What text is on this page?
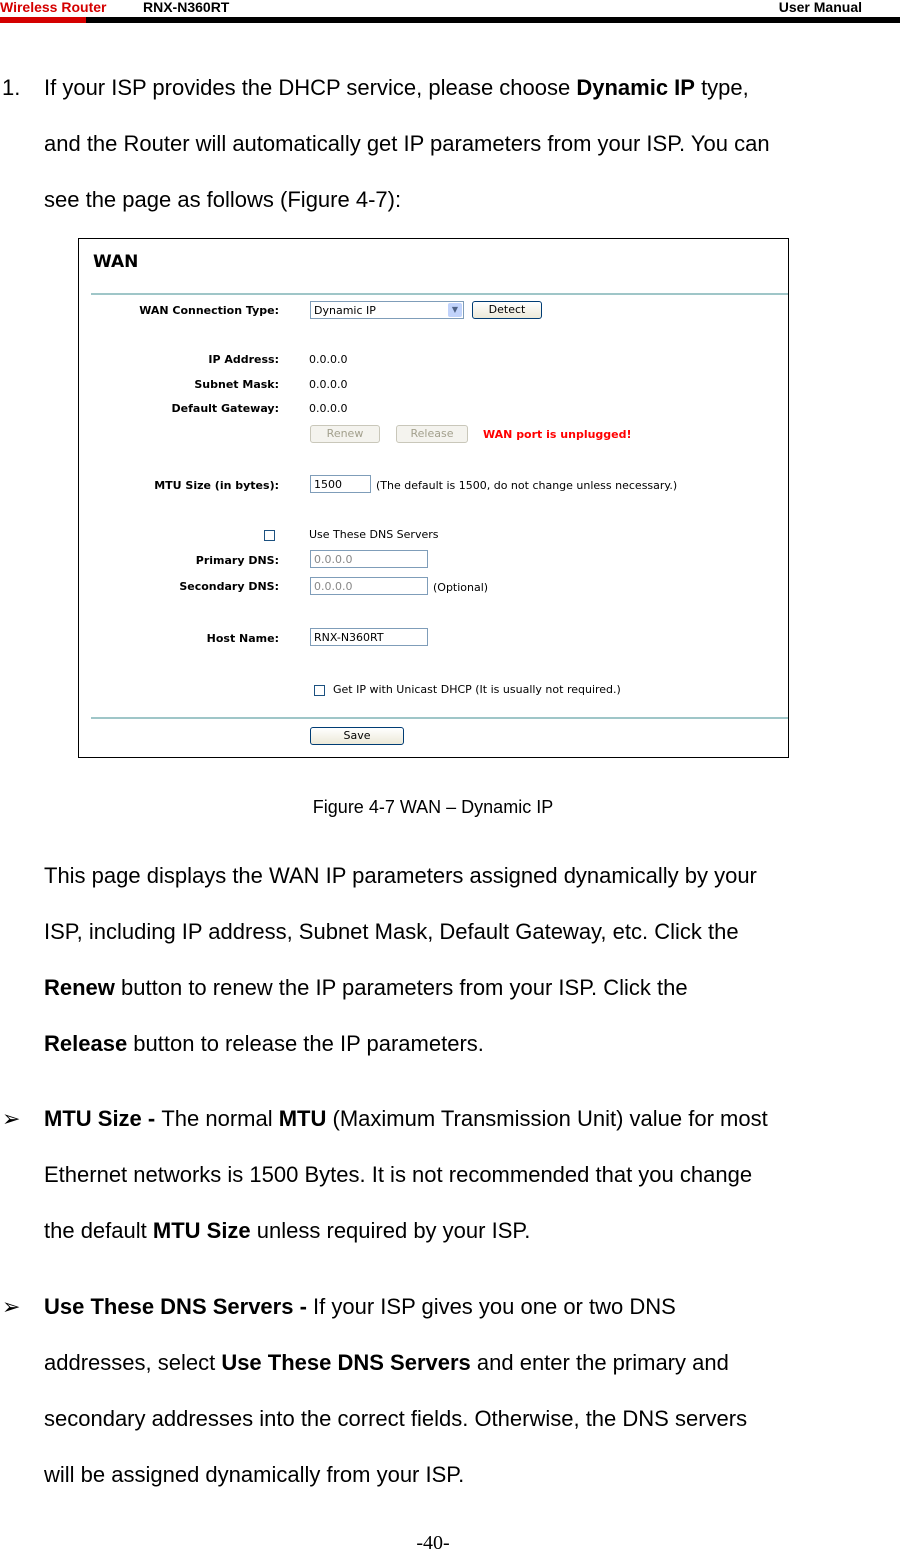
Wireless Router	RNX-N360RT	User Manual
1. If your ISP provides the DHCP service, please choose Dynamic IP type,
and the Router will automatically get IP parameters from your ISP. You can
see the page as follows (Figure 4-7):
WAN
WAN Connection Type:	Dynamic IP	▼	Detect
IP Address:	0.0.0.0
Subnet Mask:	0.0.0.0
Default Gateway:	0.0.0.0
Renew	Release	WAN port is unplugged!
MTU Size (in bytes):	1500	(The default is 1500, do not change unless necessary.)
Use These DNS Servers
Primary DNS:	0.0.0.0
Secondary DNS:	0.0.0.0	(Optional)
Host Name:	RNX-N360RT
Get IP with Unicast DHCP (It is usually not required.)
Save
Figure 4-7 WAN – Dynamic IP
This page displays the WAN IP parameters assigned dynamically by your
ISP, including IP address, Subnet Mask, Default Gateway, etc. Click the
Renew button to renew the IP parameters from your ISP. Click the
Release button to release the IP parameters.
➢ MTU Size - The normal MTU (Maximum Transmission Unit) value for most
Ethernet networks is 1500 Bytes. It is not recommended that you change
the default MTU Size unless required by your ISP.
➢ Use These DNS Servers - If your ISP gives you one or two DNS
addresses, select Use These DNS Servers and enter the primary and
secondary addresses into the correct fields. Otherwise, the DNS servers
will be assigned dynamically from your ISP.
-40-
